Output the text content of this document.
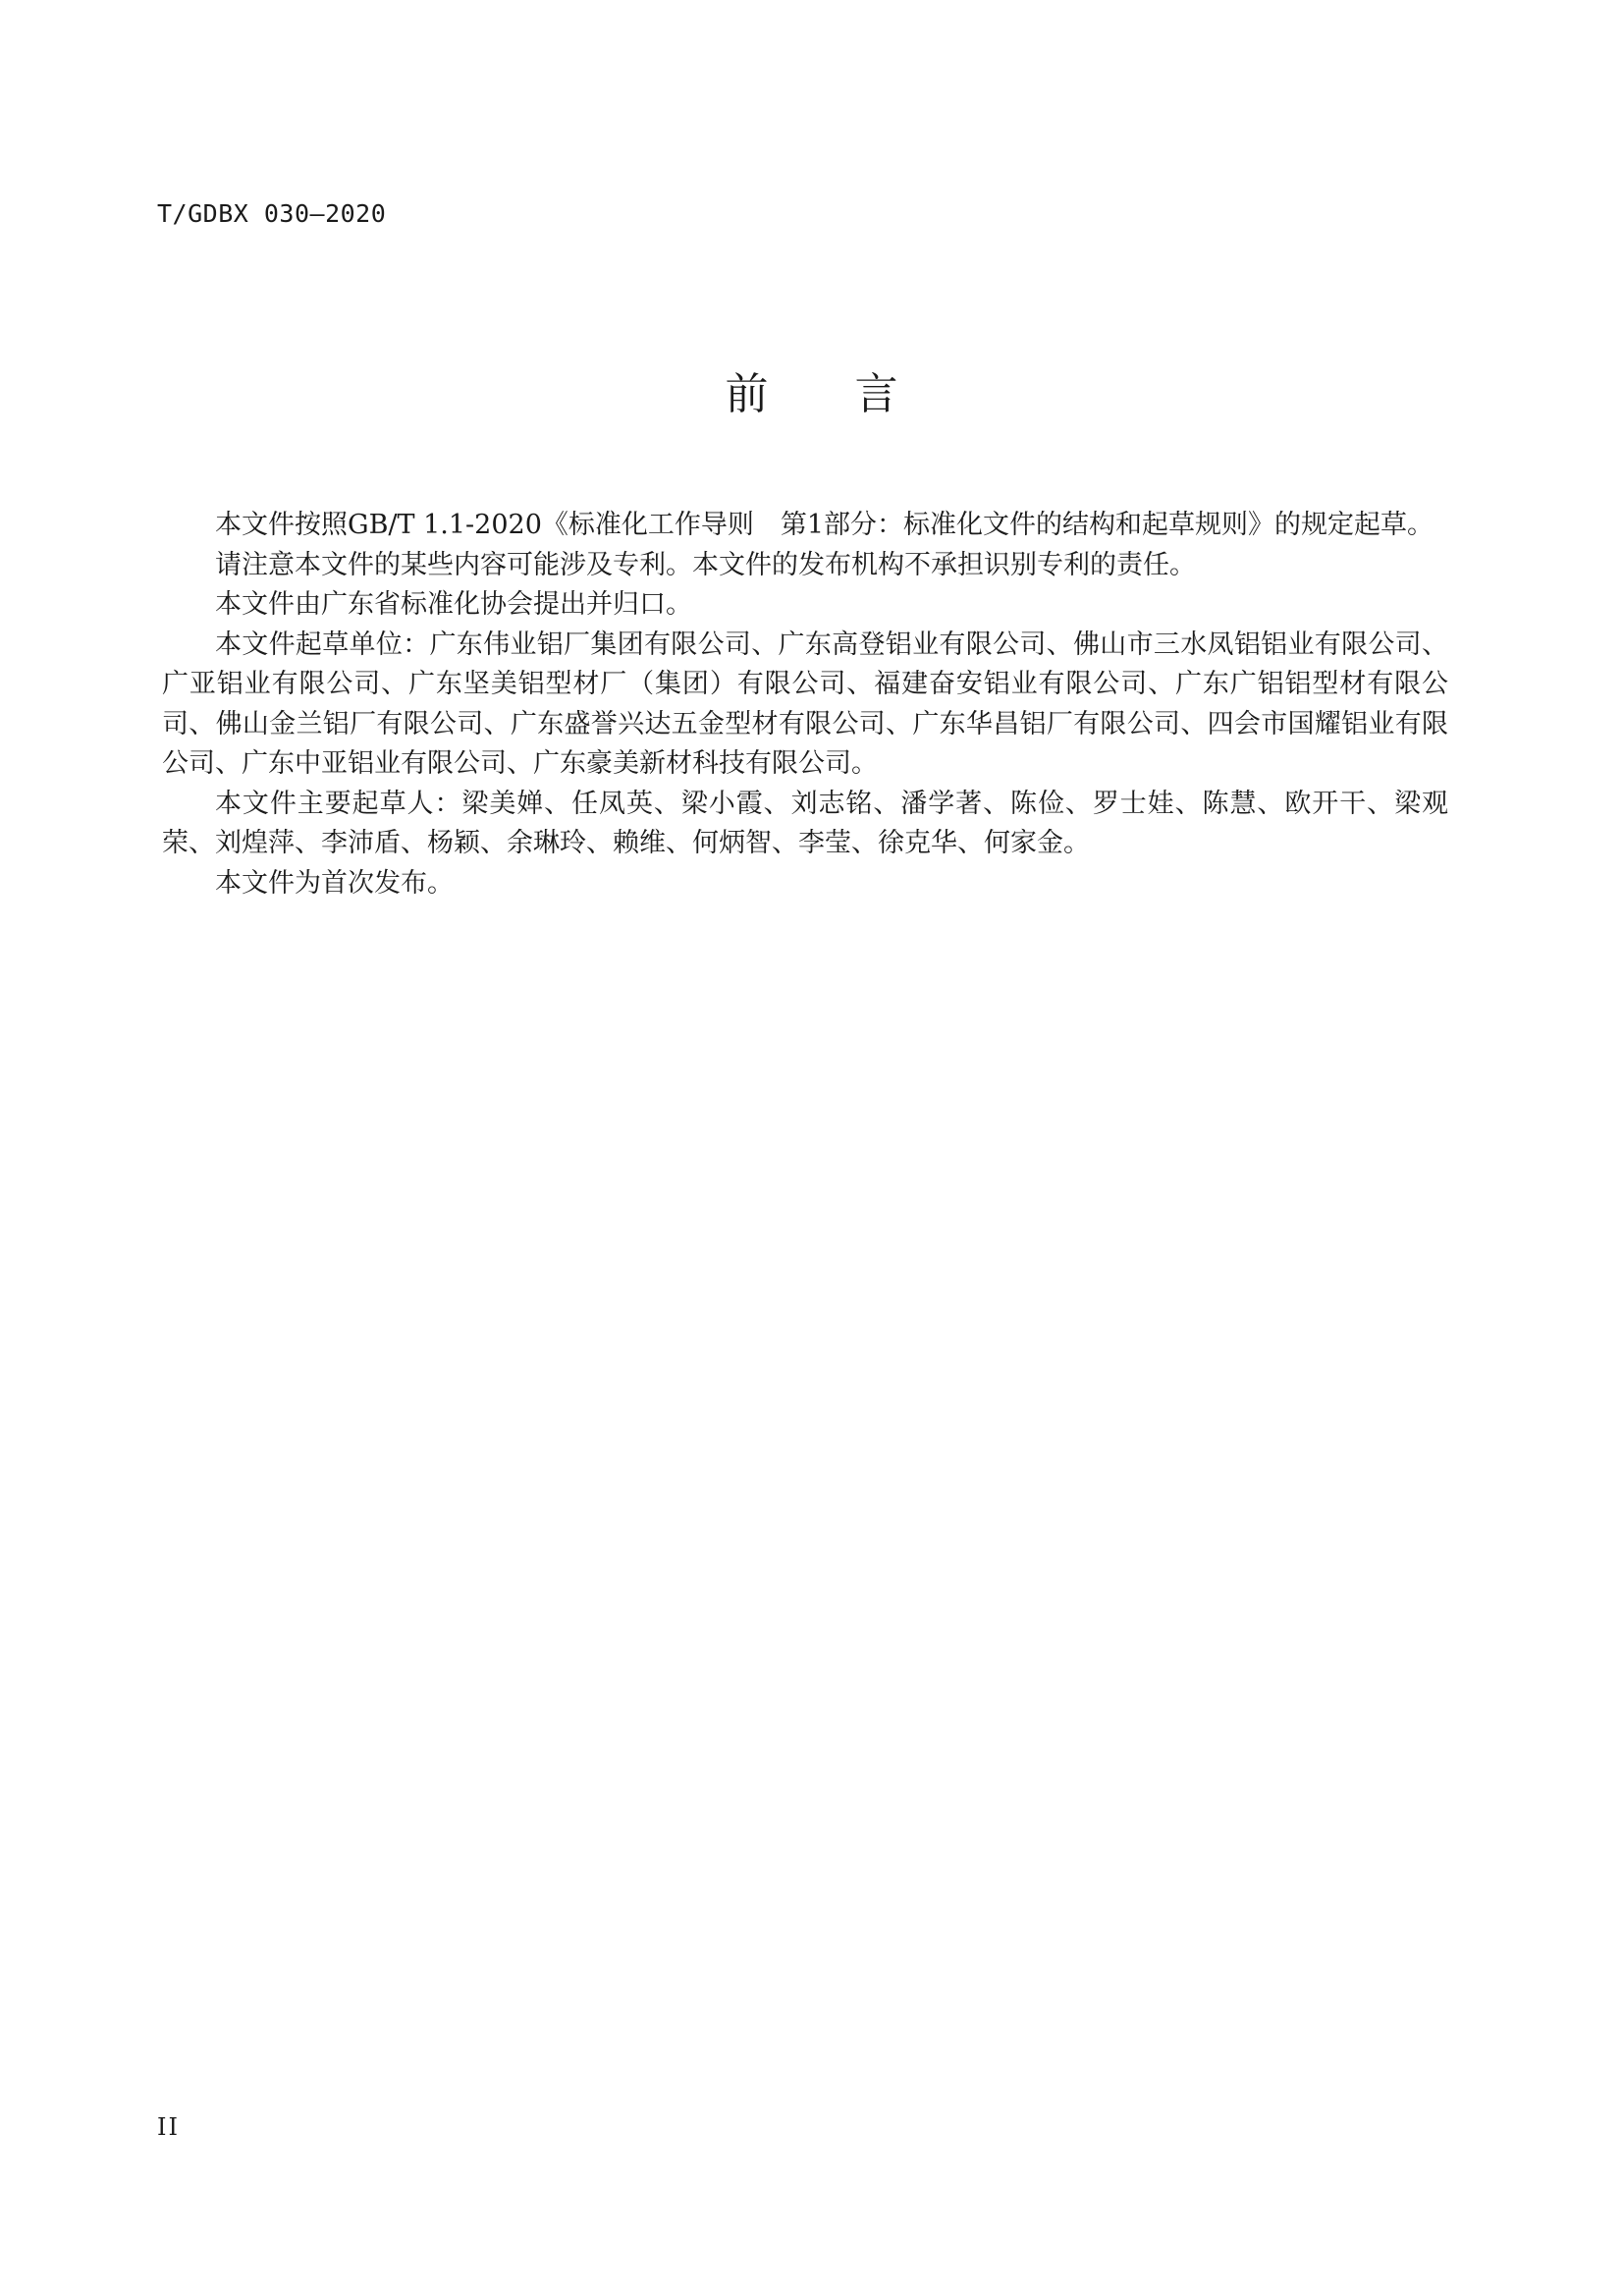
T/GDBX 030—2020
前 言

本文件按照GB/T 1.1-2020《标准化工作导则　第1部分：标准化文件的结构和起草规则》的规定起草。

请注意本文件的某些内容可能涉及专利。本文件的发布机构不承担识别专利的责任。

本文件由广东省标准化协会提出并归口。

本文件起草单位：广东伟业铝厂集团有限公司、广东高登铝业有限公司、佛山市三水凤铝铝业有限公司、广亚铝业有限公司、广东坚美铝型材厂（集团）有限公司、福建奋安铝业有限公司、广东广铝铝型材有限公司、佛山金兰铝厂有限公司、广东盛誉兴达五金型材有限公司、广东华昌铝厂有限公司、四会市国耀铝业有限公司、广东中亚铝业有限公司、广东豪美新材科技有限公司。

本文件主要起草人：梁美婵、任凤英、梁小霞、刘志铭、潘学著、陈俭、罗士娃、陈慧、欧开干、梁观荣、刘煌萍、李沛盾、杨颖、余琳玲、赖维、何炳智、李莹、徐克华、何家金。

本文件为首次发布。

II
